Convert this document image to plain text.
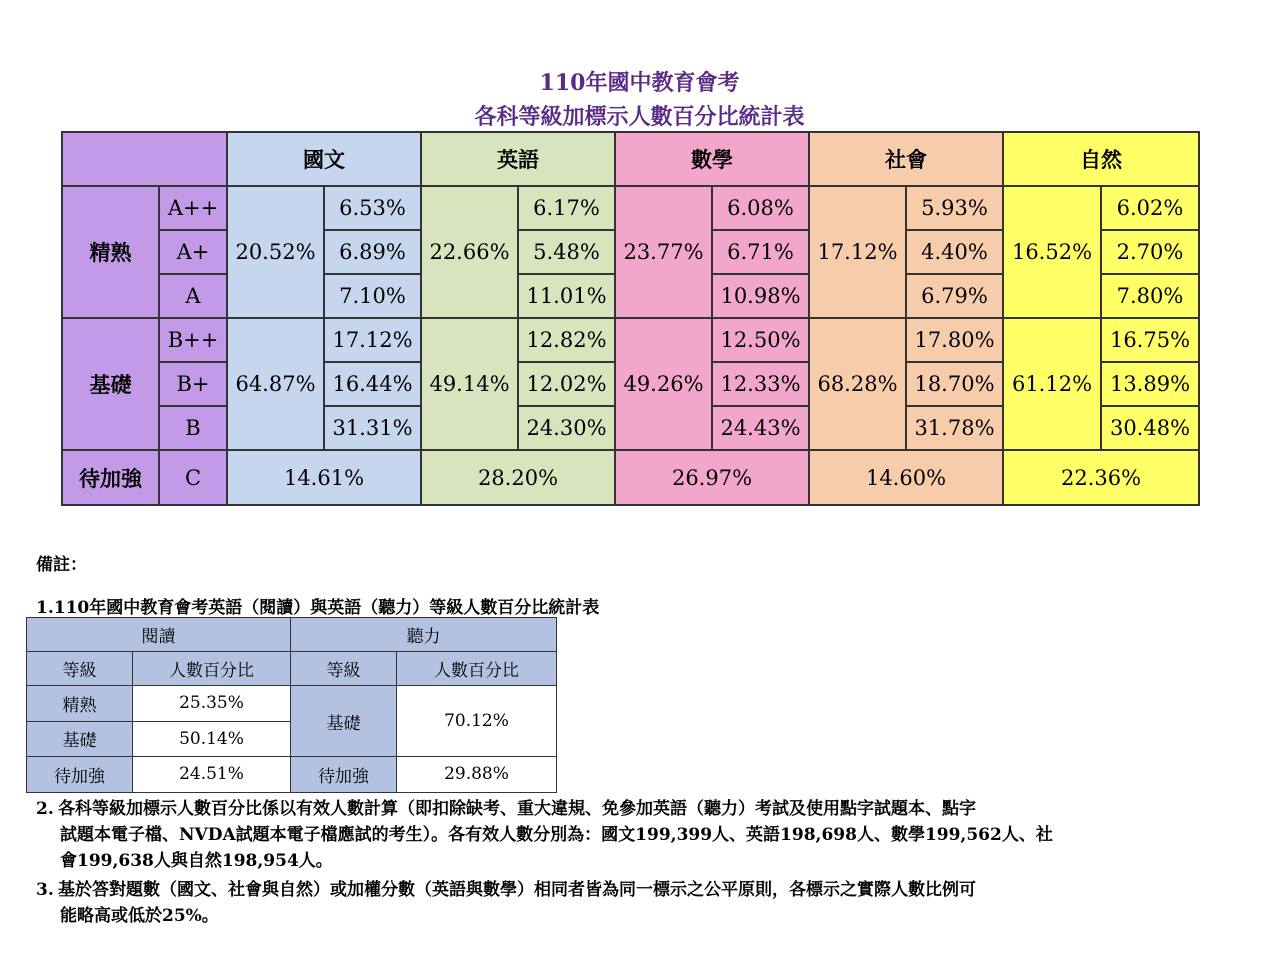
110年國中教育會考
各科等級加標示人數百分比統計表
		國文		英語		數學		社會		自然	
精熟	A++	20.52%	6.53%	22.66%	6.17%	23.77%	6.08%	17.12%	5.93%	16.52%	6.02%
	A+		6.89%		5.48%		6.71%		4.40%		2.70%
	A		7.10%		11.01%		10.98%		6.79%		7.80%
基礎	B++	64.87%	17.12%	49.14%	12.82%	49.26%	12.50%	68.28%	17.80%	61.12%	16.75%
	B+		16.44%		12.02%		12.33%		18.70%		13.89%
	B		31.31%		24.30%		24.43%		31.78%		30.48%
待加強	C	14.61%		28.20%		26.97%		14.60%		22.36%	
備註：
1.110年國中教育會考英語（閱讀）與英語（聽力）等級人數百分比統計表
閱讀		聽力	
等級	人數百分比	等級	人數百分比
精熟	25.35%	基礎	70.12%
基礎	50.14%		
待加強	24.51%	待加強	29.88%
2. 各科等級加標示人數百分比係以有效人數計算（即扣除缺考、重大違規、免參加英語（聽力）考試及使用點字試題本、點字
試題本電子檔、NVDA試題本電子檔應試的考生）。各有效人數分別為：國文199,399人、英語198,698人、數學199,562人、社
會199,638人與自然198,954人。
3. 基於答對題數（國文、社會與自然）或加權分數（英語與數學）相同者皆為同一標示之公平原則，各標示之實際人數比例可
能略高或低於25%。
